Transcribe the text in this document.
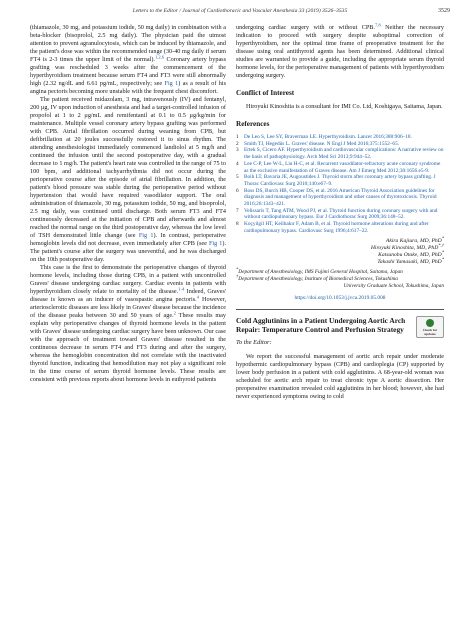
Letters to the Editor / Journal of Cardiothoracic and Vascular Anesthesia 33 (2019) 3526–3535	3529

(thiamazole, 30 mg, and potassium iodide, 50 mg daily) in combination with a beta-blocker (bisoprolol, 2.5 mg daily). The physician paid the utmost attention to prevent agranulocytosis, which can be induced by thiamazole, and the patient's dose was within the recommended range (30-40 mg daily if serum FT4 is 2-3 times the upper limit of the normal).$^{1,2,6}$ Coronary artery bypass grafting was rescheduled 3 weeks after the commencement of the hyperthyroidism treatment because serum FT4 and FT3 were still abnormally high (2.32 ng/dL and 6.61 pg/mL, respectively; see Fig 1) as a result of his angina pectoris becoming more unstable with the frequent chest discomfort.

The patient received midazolam, 3 mg, intravenously (IV) and fentanyl, 200 µg, IV upon induction of anesthesia and had a target-controlled infusion of propofol at 1 to 2 µg/mL and remifentanil at 0.1 to 0.5 µg/kg/min for maintenance. Multiple vessel coronary artery bypass grafting was performed with CPB. Atrial fibrillation occurred during weaning from CPB, but defibrillation at 20 joules successfully restored it to sinus rhythm. The attending anesthesiologist immediately commenced landiolol at 5 mg/h and continued the infusion until the second postoperative day, with a gradual decrease to 1 mg/h. The patient's heart rate was controlled in the range of 75 to 100 bpm, and additional tachyarrhythmia did not occur during the perioperative course after the episode of atrial fibrillation. In addition, the patient's blood pressure was stable during the perioperative period without hypertension that would have required vasodilator support. The oral administration of thiamazole, 30 mg, potassium iodide, 50 mg, and bisoprolol, 2.5 mg daily, was continued until discharge. Both serum FT3 and FT4 continuously decreased at the initiation of CPB and afterwards and almost reached the normal range on the third postoperative day, whereas the low level of TSH demonstrated little change (see Fig 1). In contrast, perioperative hemoglobin levels did not decrease, even immediately after CPB (see Fig 1). The patient's course after the surgery was uneventful, and he was discharged on the 10th postoperative day.

This case is the first to demonstrate the perioperative changes of thyroid hormone levels, including those during CPB, in a patient with uncontrolled Graves' disease undergoing cardiac surgery. Cardiac events in patients with hyperthyroidism closely relate to mortality of the disease.$^{1-4}$ Indeed, Graves' disease is known as an inducer of vasospastic angina pectoris.$^4$ However, arteriosclerotic diseases are less likely in Graves' disease because the incidence of the disease peaks between 30 and 50 years of age.$^2$ These results may explain why perioperative changes of thyroid hormone levels in the patient with Graves' disease undergoing cardiac surgery have been unknown. Our case with the approach of treatment toward Graves' disease resulted in the continuous decrease in serum FT4 and FT3 during and after the surgery, whereas the hemoglobin concentration did not correlate with the inactivated thyroid function, indicating that hemodilution may not play a significant role in the time course of serum thyroid hormone levels. These results are consistent with previous reports about hormone levels in euthyroid patients

undergoing cardiac surgery with or without CPB.$^{7,8}$ Neither the necessary indication to proceed with surgery despite suboptimal correction of hyperthyroidism, nor the optimal time frame of preoperative treatment for the disease using oral antithyroid agents has been determined. Additional clinical studies are warranted to provide a guide, including the appropriate serum thyroid hormone levels, for the perioperative management of patients with hyperthyroidism undergoing surgery.

Conflict of Interest

Hiroyuki Kinoshita is a consultant for IMI Co. Ltd, Koshigaya, Saitama, Japan.

References
1	De Leo S, Lee SY, Braverman LE. Hyperthyroidism. Lancet 2016;388:906–18.
2	Smith TJ, Hegedüs L. Graves' disease. N Engl J Med 2016;375:1552–65.
3	Ertek S, Cicero AF. Hyperthyroidism and cardiovascular complications: A narrative review on the basis of pathophysiology. Arch Med Sci 2013;9:944–52.
4	Lee C-P, Lee W-L, Liu H-C, et al. Recurrent vasodilator-refractory acute coronary syndrome as the exclusive manifestation of Graves disease. Am J Emerg Med 2012;30:1656.e5-9.
5	Boih LT, Bavaria JE, Augoustides J. Thyroid storm after coronary artery bypass grafting. J Thorac Cardiovasc Surg 2010;140:e67–9.
6	Ross DS, Burch HB, Cooper DS, et al. 2016 American Thyroid Association guidelines for diagnosis and management of hyperthyroidism and other causes of thyrotoxicosis. Thyroid 2016;26:1343–421.
7	Velissaris T, Tang ATM, Wood PJ, et al. Thyroid function during coronary surgery with and without cardiopulmonary bypass. Eur J Cardiothorac Surg 2009;36:148–52.
8	Koçyilgil HT, Keilhakır F, Adam B, et al. Thyroid hormone alterations during and after cardiopulmonary bypass. Cardiovasc Surg 1996;4:617–22.
Akira Kajiura, MD, PhD*
Hiroyuki Kinoshita, MD, PhD*,†
Katsunobu Otake, MD, PhD*
Takashi Yamasaki, MD, PhD*
*Department of Anesthesiology, IMS Fujimi General Hospital, Saitama, Japan
†Department of Anesthesiology, Institute of Biomedical Sciences, Tokushima
University Graduate School, Tokushima, Japan
https://doi.org/10.1053/j.jvca.2019.05.008
Cold Agglutinins in a Patient Undergoing Aortic Arch Repair: Temperature Control and Perfusion Strategy	Check for updates
To the Editor:

We report the successful management of aortic arch repair under moderate hypothermic cardiopulmonary bypass (CPB) and cardioplegia (CP) supported by lower body perfusion in a patient with cold agglutinins. A 68-year-old woman was scheduled for aortic arch repair to treat chronic type A aortic dissection. Her preoperative examination revealed cold agglutinins in her blood; however, she had never experienced symptoms owing to cold
